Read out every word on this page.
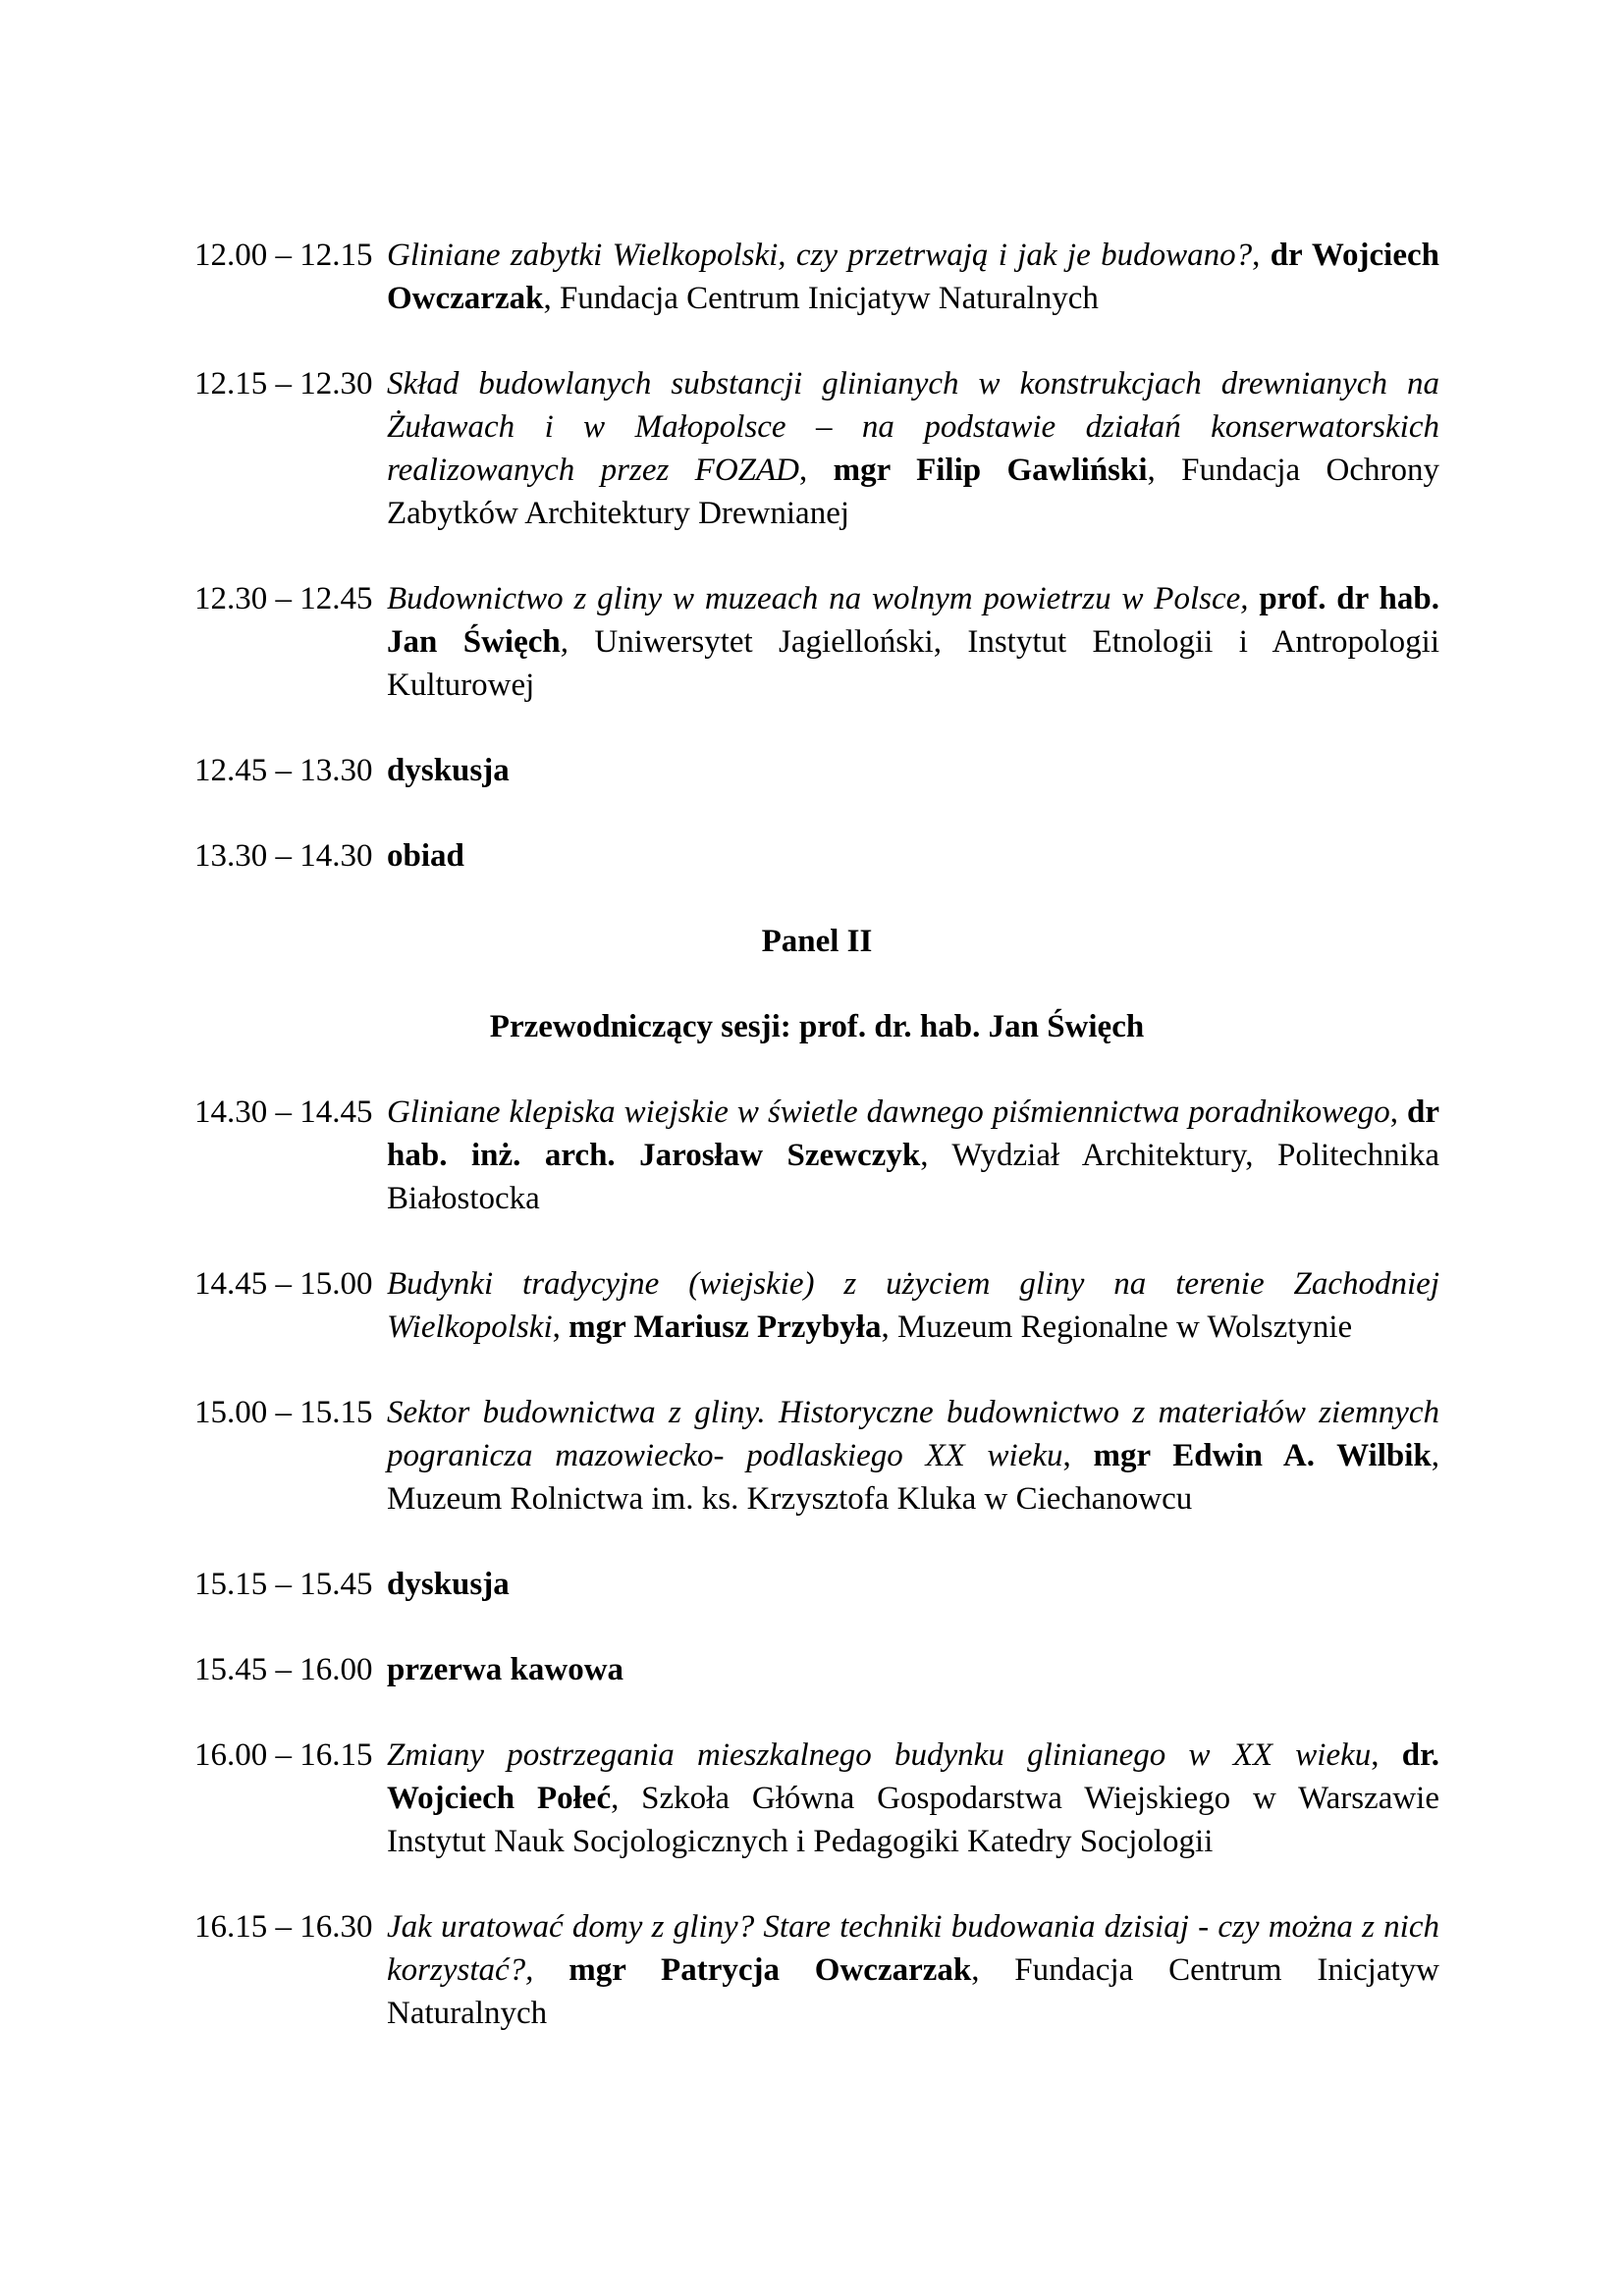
12.00 – 12.15 Gliniane zabytki Wielkopolski, czy przetrwają i jak je budowano?, dr Wojciech Owczarzak, Fundacja Centrum Inicjatyw Naturalnych
12.15 – 12.30 Skład budowlanych substancji glinianych w konstrukcjach drewnianych na Żuławach i w Małopolsce – na podstawie działań konserwatorskich realizowanych przez FOZAD, mgr Filip Gawliński, Fundacja Ochrony Zabytków Architektury Drewnianej
12.30 – 12.45 Budownictwo z gliny w muzeach na wolnym powietrzu w Polsce, prof. dr hab. Jan Święch, Uniwersytet Jagielloński, Instytut Etnologii i Antropologii Kulturowej
12.45 – 13.30 dyskusja
13.30 – 14.30 obiad
Panel II
Przewodniczący sesji: prof. dr. hab. Jan Święch
14.30 – 14.45 Gliniane klepiska wiejskie w świetle dawnego piśmiennictwa poradnikowego, dr hab. inż. arch. Jarosław Szewczyk, Wydział Architektury, Politechnika Białostocka
14.45 – 15.00 Budynki tradycyjne (wiejskie) z użyciem gliny na terenie Zachodniej Wielkopolski, mgr Mariusz Przybyła, Muzeum Regionalne w Wolsztynie
15.00 – 15.15 Sektor budownictwa z gliny. Historyczne budownictwo z materiałów ziemnych pogranicza mazowiecko- podlaskiego XX wieku, mgr Edwin A. Wilbik, Muzeum Rolnictwa im. ks. Krzysztofa Kluka w Ciechanowcu
15.15 – 15.45 dyskusja
15.45 – 16.00 przerwa kawowa
16.00 – 16.15 Zmiany postrzegania mieszkalnego budynku glinianego w XX wieku, dr. Wojciech Połeć, Szkoła Główna Gospodarstwa Wiejskiego w Warszawie Instytut Nauk Socjologicznych i Pedagogiki Katedry Socjologii
16.15 – 16.30 Jak uratować domy z gliny? Stare techniki budowania dzisiaj - czy można z nich korzystać?, mgr Patrycja Owczarzak, Fundacja Centrum Inicjatyw Naturalnych
